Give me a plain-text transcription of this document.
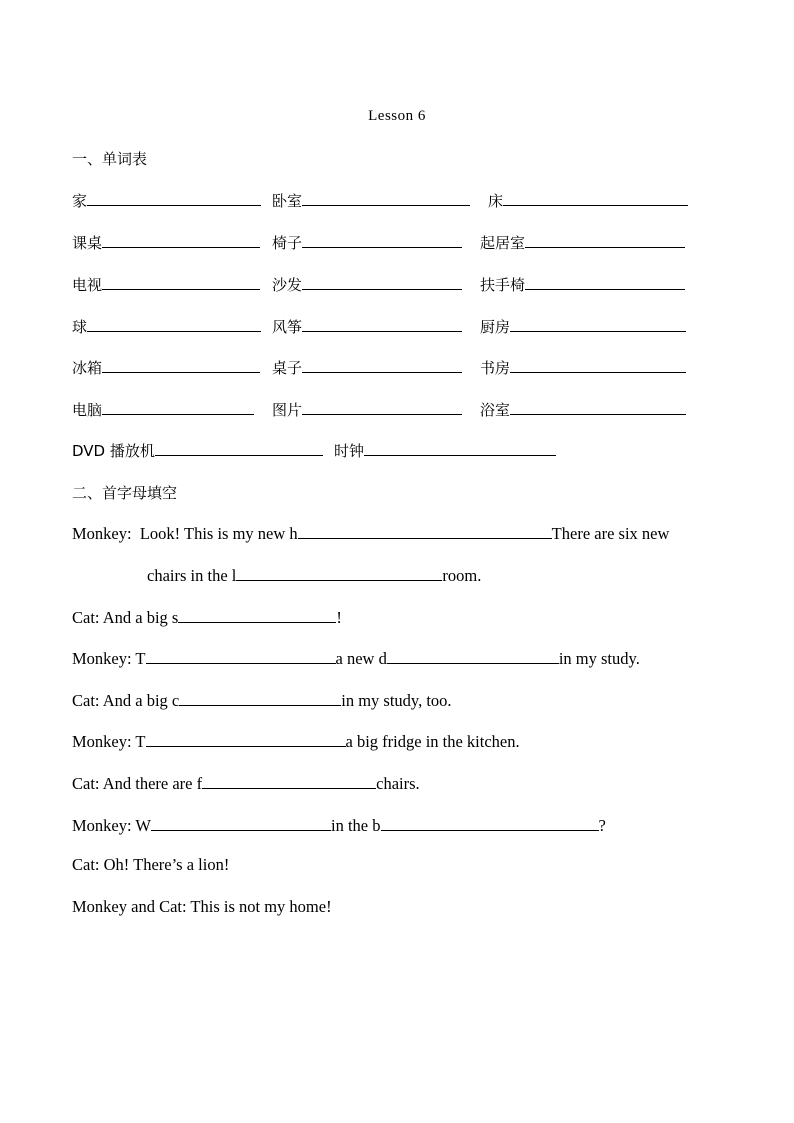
Lesson 6
一、单词表
家	卧室	床
课桌	椅子	起居室
电视	沙发	扶手椅
球	风筝	厨房
冰箱	桌子	书房
电脑	图片	浴室
DVD 播放机	时钟
二、首字母填空
Monkey: Look! This is my new h	There are six new
chairs in the l	room.
Cat: And a big s	!
Monkey: T	a new d	in my study.
Cat: And a big c	in my study, too.
Monkey: T	a big fridge in the kitchen.
Cat: And there are f	chairs.
Monkey: W	in the b	?
Cat: Oh! There’s a lion!
Monkey and Cat: This is not my home!
